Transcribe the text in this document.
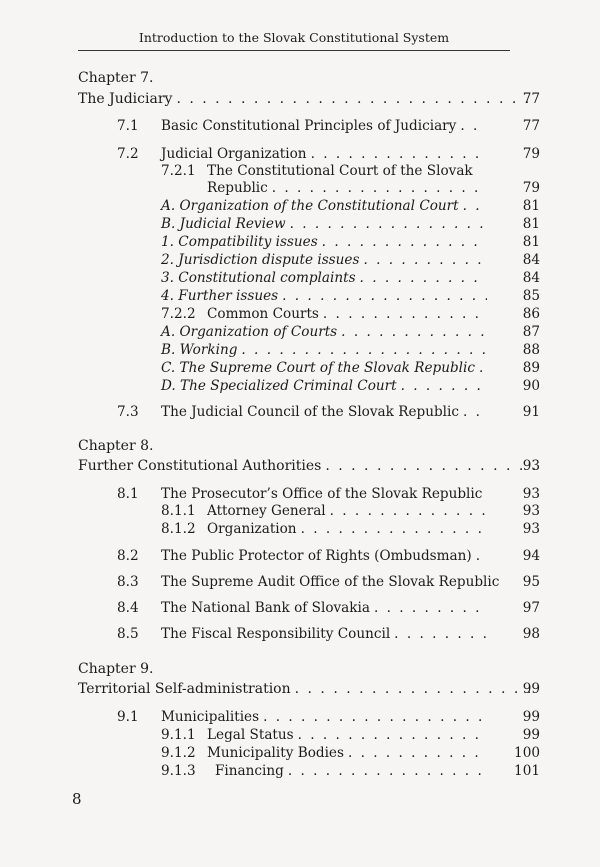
Introduction to the Slovak Constitutional System
Chapter 7.
The Judiciary . . .	77
7.1	Basic Constitutional Principles of Judiciary . . .	77
7.2	Judicial Organization . . .	79
7.2.1 The Constitutional Court of the Slovak
Republic . . .	79
A. Organization of the Constitutional Court . . .	81
B. Judicial Review . . .	81
1. Compatibility issues . . .	81
2. Jurisdiction dispute issues . . .	84
3. Constitutional complaints . . .	84
4. Further issues . . .	85
7.2.2 Common Courts . . .	86
A. Organization of Courts . . .	87
B. Working . . .	88
C. The Supreme Court of the Slovak Republic . . .	89
D. The Specialized Criminal Court . . .	90
7.3	The Judicial Council of the Slovak Republic . . .	91
Chapter 8.
Further Constitutional Authorities . . .	93
8.1	The Prosecutor’s Office of the Slovak Republic . . .	93
8.1.1 Attorney General . . .	93
8.1.2 Organization . . .	93
8.2	The Public Protector of Rights (Ombudsman) . . .	94
8.3	The Supreme Audit Office of the Slovak Republic	95
8.4	The National Bank of Slovakia . . .	97
8.5	The Fiscal Responsibility Council . . .	98
Chapter 9.
Territorial Self-administration . . .	99
9.1	Municipalities . . .	99
9.1.1 Legal Status . . .	99
9.1.2 Municipality Bodies . . .	100
9.1.3	Financing . . .	101
8
